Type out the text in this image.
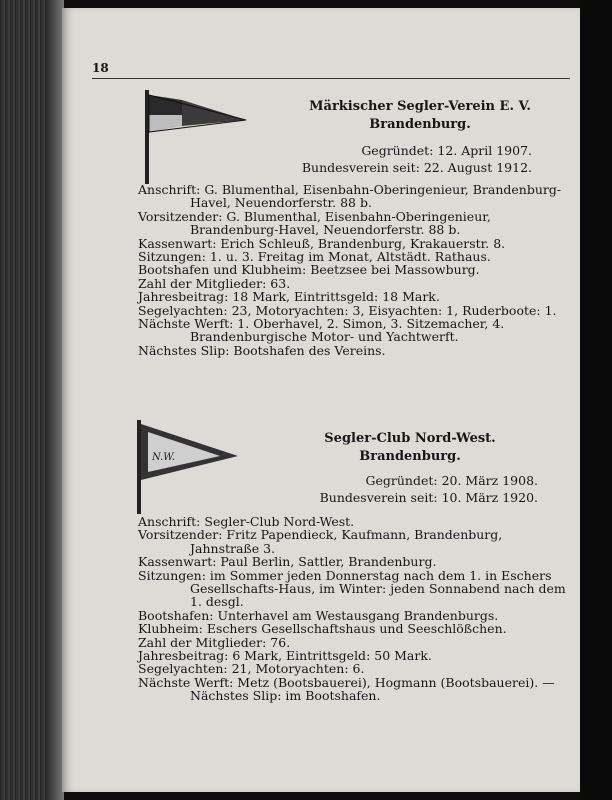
18
Märkischer Segler-Verein E. V.
Brandenburg.
Gegründet: 12. April 1907.
Bundesverein seit: 22. August 1912.

Anschrift: G. Blumenthal, Eisenbahn-Oberingenieur, Brandenburg-Havel, Neuendorferstr. 88 b.

Vorsitzender: G. Blumenthal, Eisenbahn-Oberingenieur, Brandenburg-Havel, Neuendorferstr. 88 b.

Kassenwart: Erich Schleuß, Brandenburg, Krakauerstr. 8.

Sitzungen: 1. u. 3. Freitag im Monat, Altstädt. Rathaus.

Bootshafen und Klubheim: Beetzsee bei Massowburg.

Zahl der Mitglieder: 63.

Jahresbeitrag: 18 Mark, Eintrittsgeld: 18 Mark.

Segelyachten: 23, Motoryachten: 3, Eisyachten: 1, Ruderboote: 1.

Nächste Werft: 1. Oberhavel, 2. Simon, 3. Sitzemacher, 4. Brandenburgische Motor- und Yachtwerft.

Nächstes Slip: Bootshafen des Vereins.

N.W.
Segler-Club Nord-West.
Brandenburg.
Gegründet: 20. März 1908.
Bundesverein seit: 10. März 1920.

Anschrift: Segler-Club Nord-West.

Vorsitzender: Fritz Papendieck, Kaufmann, Brandenburg, Jahnstraße 3.

Kassenwart: Paul Berlin, Sattler, Brandenburg.

Sitzungen: im Sommer jeden Donnerstag nach dem 1. in Eschers Gesellschafts-Haus, im Winter: jeden Sonnabend nach dem 1. desgl.

Bootshafen: Unterhavel am Westausgang Brandenburgs.

Klubheim: Eschers Gesellschaftshaus und Seeschlößchen.

Zahl der Mitglieder: 76.

Jahresbeitrag: 6 Mark, Eintrittsgeld: 50 Mark.

Segelyachten: 21, Motoryachten: 6.

Nächste Werft: Metz (Bootsbauerei), Hogmann (Bootsbauerei). — Nächstes Slip: im Bootshafen.
